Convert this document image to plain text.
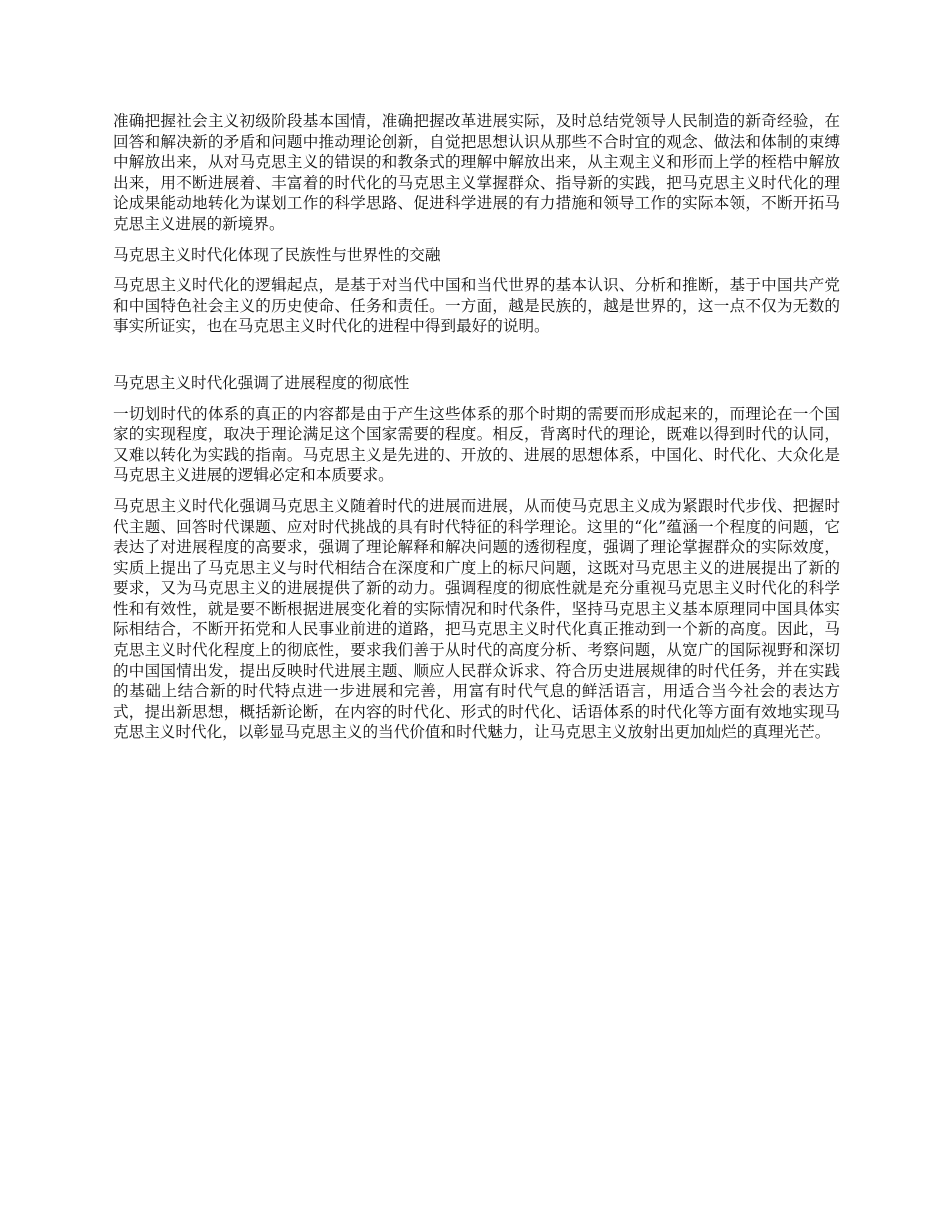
准确把握社会主义初级阶段基本国情，准确把握改革进展实际，及时总结党领导人民制造的新奇经验，在回答和解决新的矛盾和问题中推动理论创新，自觉把思想认识从那些不合时宜的观念、做法和体制的束缚中解放出来，从对马克思主义的错误的和教条式的理解中解放出来，从主观主义和形而上学的桎梏中解放出来，用不断进展着、丰富着的时代化的马克思主义掌握群众、指导新的实践，把马克思主义时代化的理论成果能动地转化为谋划工作的科学思路、促进科学进展的有力措施和领导工作的实际本领，不断开拓马克思主义进展的新境界。

马克思主义时代化体现了民族性与世界性的交融

马克思主义时代化的逻辑起点，是基于对当代中国和当代世界的基本认识、分析和推断，基于中国共产党和中国特色社会主义的历史使命、任务和责任。一方面，越是民族的，越是世界的，这一点不仅为无数的事实所证实，也在马克思主义时代化的进程中得到最好的说明。

马克思主义时代化强调了进展程度的彻底性

一切划时代的体系的真正的内容都是由于产生这些体系的那个时期的需要而形成起来的，而理论在一个国家的实现程度，取决于理论满足这个国家需要的程度。相反，背离时代的理论，既难以得到时代的认同，又难以转化为实践的指南。马克思主义是先进的、开放的、进展的思想体系，中国化、时代化、大众化是马克思主义进展的逻辑必定和本质要求。

马克思主义时代化强调马克思主义随着时代的进展而进展，从而使马克思主义成为紧跟时代步伐、把握时代主题、回答时代课题、应对时代挑战的具有时代特征的科学理论。这里的“化”蕴涵一个程度的问题，它表达了对进展程度的高要求，强调了理论解释和解决问题的透彻程度，强调了理论掌握群众的实际效度，实质上提出了马克思主义与时代相结合在深度和广度上的标尺问题，这既对马克思主义的进展提出了新的要求，又为马克思主义的进展提供了新的动力。强调程度的彻底性就是充分重视马克思主义时代化的科学性和有效性，就是要不断根据进展变化着的实际情况和时代条件，坚持马克思主义基本原理同中国具体实际相结合，不断开拓党和人民事业前进的道路，把马克思主义时代化真正推动到一个新的高度。因此，马克思主义时代化程度上的彻底性，要求我们善于从时代的高度分析、考察问题，从宽广的国际视野和深切的中国国情出发，提出反映时代进展主题、顺应人民群众诉求、符合历史进展规律的时代任务，并在实践的基础上结合新的时代特点进一步进展和完善，用富有时代气息的鲜活语言，用适合当今社会的表达方式，提出新思想，概括新论断，在内容的时代化、形式的时代化、话语体系的时代化等方面有效地实现马克思主义时代化，以彰显马克思主义的当代价值和时代魅力，让马克思主义放射出更加灿烂的真理光芒。
